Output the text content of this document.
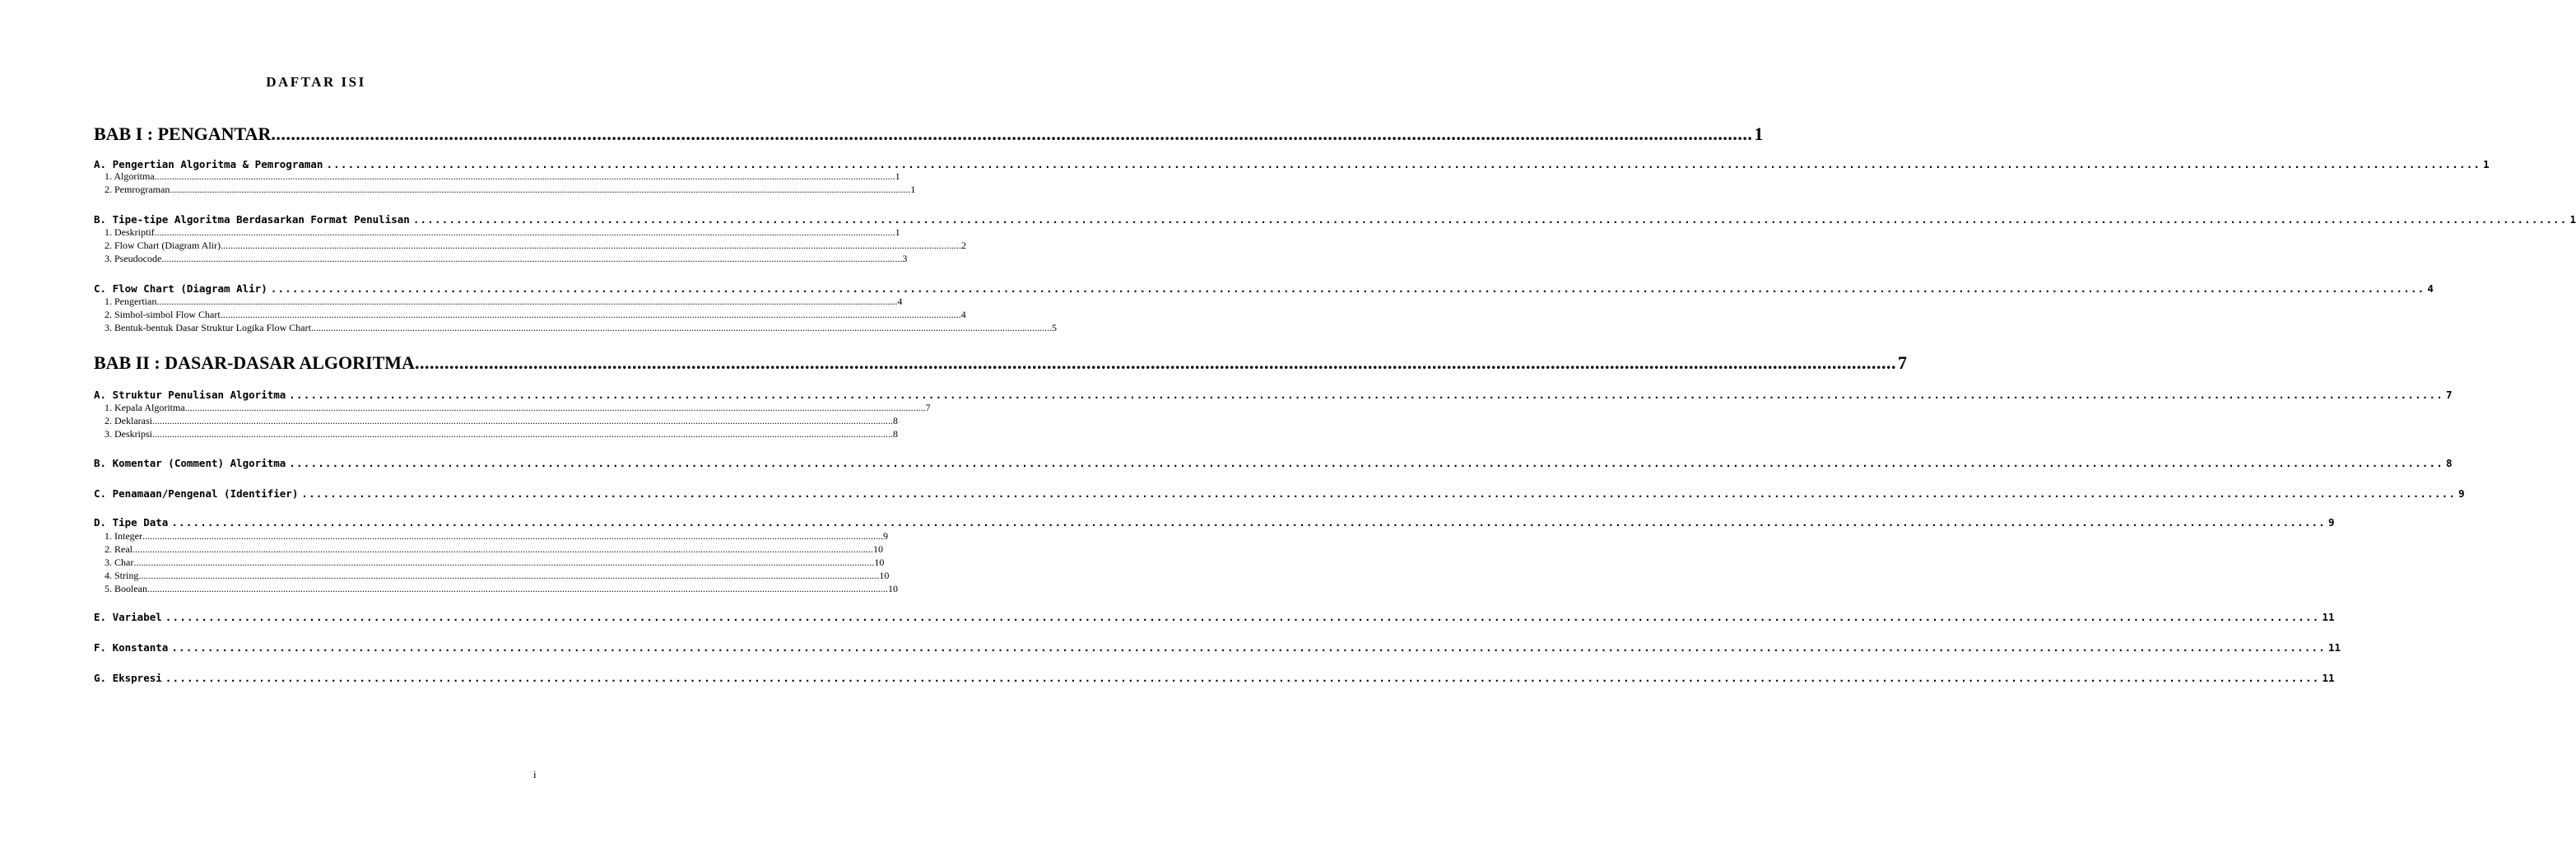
DAFTAR ISI
BAB I : PENGANTAR ............................................................................................................................................................................................................................................................................................................ 1
A. Pengertian Algoritma & Pemrograman ............................................................................................................................................................................................................................................................................................................ 1
1. Algoritma ............................................................................................................................................................................................................................................................................................................ 1
2. Pemrograman ............................................................................................................................................................................................................................................................................................................ 1
B. Tipe-tipe Algoritma Berdasarkan Format Penulisan ............................................................................................................................................................................................................................................................................................................ 1
1. Deskriptif ............................................................................................................................................................................................................................................................................................................ 1
2. Flow Chart (Diagram Alir) ............................................................................................................................................................................................................................................................................................................ 2
3. Pseudocode ............................................................................................................................................................................................................................................................................................................ 3
C. Flow Chart (Diagram Alir) ............................................................................................................................................................................................................................................................................................................ 4
1. Pengertian ............................................................................................................................................................................................................................................................................................................ 4
2. Simbol-simbol Flow Chart ............................................................................................................................................................................................................................................................................................................ 4
3. Bentuk-bentuk Dasar Struktur Logika Flow Chart ............................................................................................................................................................................................................................................................................................................ 5
BAB II : DASAR-DASAR ALGORITMA ............................................................................................................................................................................................................................................................................................................ 7
A. Struktur Penulisan Algoritma ............................................................................................................................................................................................................................................................................................................ 7
1. Kepala Algoritma ............................................................................................................................................................................................................................................................................................................ 7
2. Deklarasi ............................................................................................................................................................................................................................................................................................................ 8
3. Deskripsi ............................................................................................................................................................................................................................................................................................................ 8
B. Komentar (Comment) Algoritma ............................................................................................................................................................................................................................................................................................................ 8
C. Penamaan/Pengenal (Identifier) ............................................................................................................................................................................................................................................................................................................ 9
D. Tipe Data ............................................................................................................................................................................................................................................................................................................ 9
1. Integer ............................................................................................................................................................................................................................................................................................................ 9
2. Real ............................................................................................................................................................................................................................................................................................................ 10
3. Char ............................................................................................................................................................................................................................................................................................................ 10
4. String ............................................................................................................................................................................................................................................................................................................ 10
5. Boolean ............................................................................................................................................................................................................................................................................................................ 10
E. Variabel ............................................................................................................................................................................................................................................................................................................ 11
F. Konstanta ............................................................................................................................................................................................................................................................................................................ 11
G. Ekspresi ............................................................................................................................................................................................................................................................................................................ 11
i
